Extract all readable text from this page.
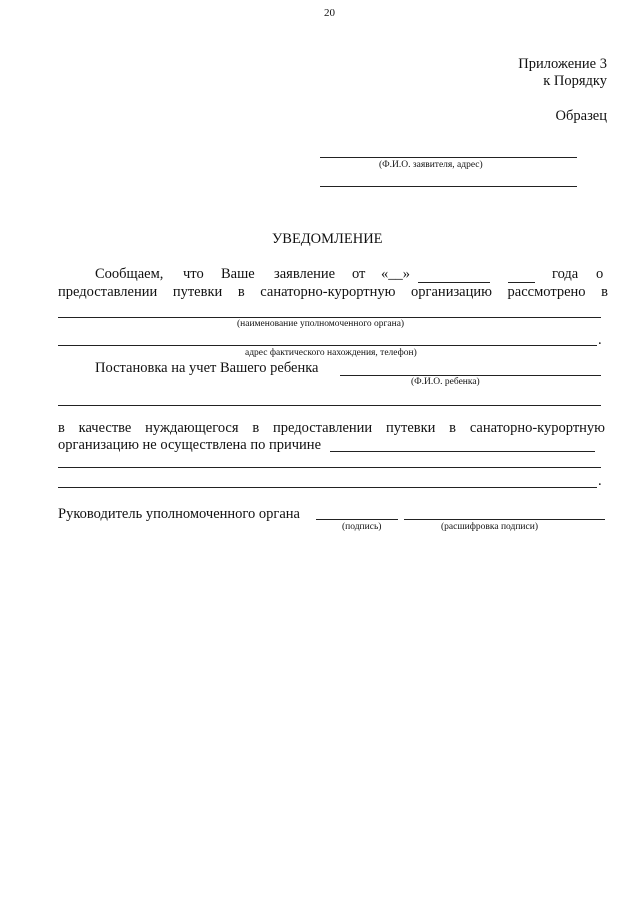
20
Приложение 3
к Порядку
Образец
(Ф.И.О. заявителя, адрес)
УВЕДОМЛЕНИЕ
Сообщаем, что Ваше заявление от «__»	года о
предоставлении путевки в санаторно-курортную организацию рассмотрено в
(наименование уполномоченного органа)
.
адрес фактического нахождения, телефон)
Постановка на учет Вашего ребенка
(Ф.И.О. ребенка)
в качестве нуждающегося в предоставлении путевки в санаторно-курортную
организацию не осуществлена по причине
.
Руководитель уполномоченного органа
(подпись)	(расшифровка подписи)
